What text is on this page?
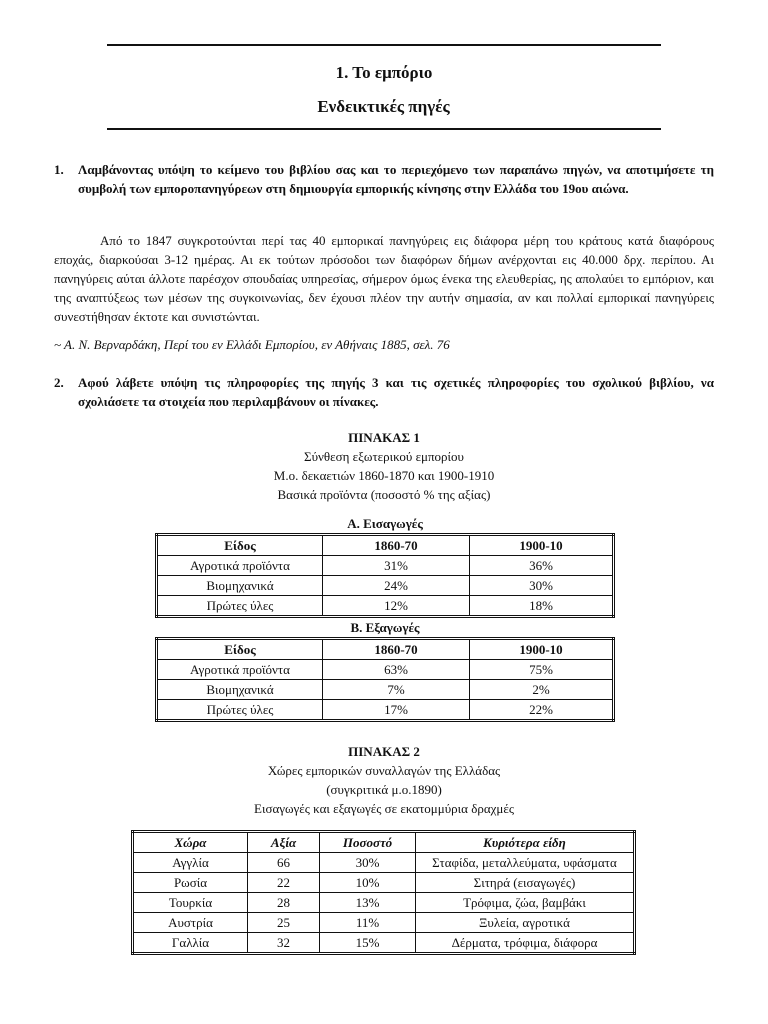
1. Το εμπόριο
Ενδεικτικές πηγές
1. Λαμβάνοντας υπόψη το κείμενο του βιβλίου σας και το περιεχόμενο των παραπάνω πηγών, να αποτιμήσετε τη συμβολή των εμποροπανηγύρεων στη δημιουργία εμπορικής κίνησης στην Ελλάδα του 19ου αιώνα.
Από το 1847 συγκροτούνται περί τας 40 εμπορικαί πανηγύρεις εις διάφορα μέρη του κράτους κατά διαφόρους εποχάς, διαρκούσαι 3-12 ημέρας. Αι εκ τούτων πρόσοδοι των διαφόρων δήμων ανέρχονται εις 40.000 δρχ. περίπου. Αι πανηγύρεις αύται άλλοτε παρέσχον σπουδαίας υπηρεσίας, σήμερον όμως ένεκα της ελευθερίας, ης απολαύει το εμπόριον, και της αναπτύξεως των μέσων της συγκοινωνίας, δεν έχουσι πλέον την αυτήν σημασία, αν και πολλαί εμπορικαί πανηγύρεις συνεστήθησαν έκτοτε και συνιστώνται.
~ Α. Ν. Βερναρδάκη, Περί του εν Ελλάδι Εμπορίου, εν Αθήναις 1885, σελ. 76
2. Αφού λάβετε υπόψη τις πληροφορίες της πηγής 3 και τις σχετικές πληροφορίες του σχολικού βιβλίου, να σχολιάσετε τα στοιχεία που περιλαμβάνουν οι πίνακες.
ΠΙΝΑΚΑΣ 1
Σύνθεση εξωτερικού εμπορίου
Μ.ο. δεκαετιών 1860-1870 και 1900-1910
Βασικά προϊόντα (ποσοστό % της αξίας)
Α. Εισαγωγές
Είδος	1860-70	1900-10
Αγροτικά προϊόντα	31%	36%
Βιομηχανικά	24%	30%
Πρώτες ύλες	12%	18%
Β. Εξαγωγές
Είδος	1860-70	1900-10
Αγροτικά προϊόντα	63%	75%
Βιομηχανικά	7%	2%
Πρώτες ύλες	17%	22%
ΠΙΝΑΚΑΣ 2
Χώρες εμπορικών συναλλαγών της Ελλάδας
(συγκριτικά μ.ο.1890)
Εισαγωγές και εξαγωγές σε εκατομμύρια δραχμές
Χώρα	Αξία	Ποσοστό	Κυριότερα είδη
Αγγλία	66	30%	Σταφίδα, μεταλλεύματα, υφάσματα
Ρωσία	22	10%	Σιτηρά (εισαγωγές)
Τουρκία	28	13%	Τρόφιμα, ζώα, βαμβάκι
Αυστρία	25	11%	Ξυλεία, αγροτικά
Γαλλία	32	15%	Δέρματα, τρόφιμα, διάφορα
